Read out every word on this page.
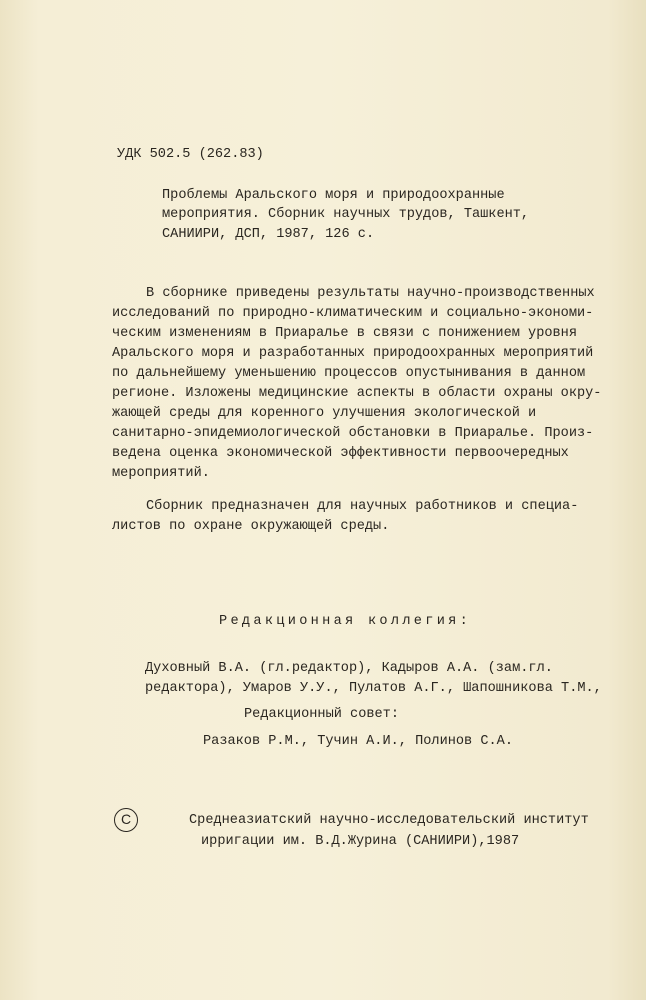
УДК 502.5 (262.83)
Проблемы Аральского моря и природоохранные
мероприятия. Сборник научных трудов, Ташкент,
САНИИРИ, ДСП, 1987, 126 с.
В сборнике приведены результаты научно-производственных
исследований по природно-климатическим и социально-экономи-
ческим изменениям в Приаралье в связи с понижением уровня
Аральского моря и разработанных природоохранных мероприятий
по дальнейшему уменьшению процессов опустынивания в данном
регионе. Изложены медицинские аспекты в области охраны окру-
жающей среды для коренного улучшения экологической и
санитарно-эпидемиологической обстановки в Приаралье. Произ-
ведена оценка экономической эффективности первоочередных
мероприятий.
Сборник предназначен для научных работников и специа-
листов по охране окружающей среды.
Редакционная коллегия:
Духовный В.А. (гл.редактор), Кадыров А.А. (зам.гл.
редактора), Умаров У.У., Пулатов А.Г., Шапошникова Т.М.,
Редакционный совет:
Разаков Р.М., Тучин А.И., Полинов С.А.
C	Среднеазиатский научно-исследовательский институт
ирригации им. В.Д.Журина (САНИИРИ),1987
